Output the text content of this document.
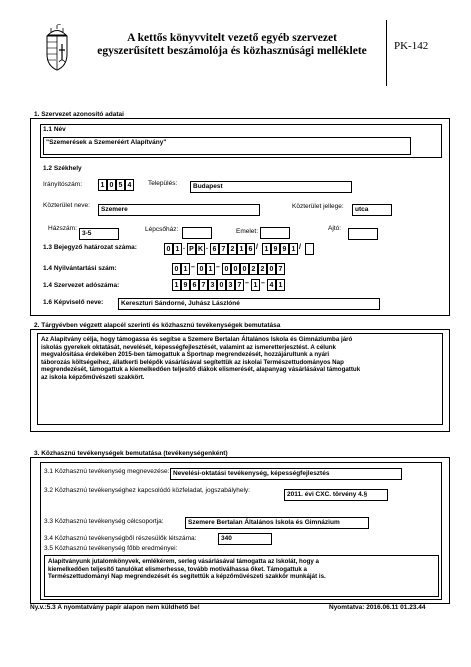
A kettős könyvvitelt vezető egyéb szervezet
egyszerűsített beszámolója és közhasznúsági melléklete	PK-142
1. Szervezet azonosító adatai
1.1 Név
"Szemerések a Szemeréért Alapítvány"
1.2 Székhely
Irányítószám:	1 0 5 4	Település:	Budapest
Közterület neve:
Szemere	Közterület jellege:	utca
Házszám:
3-5
Lépcsőház:	Emelet:	Ajtó:
1.3 Bejegyző határozat száma:	0 1 . P K . 6 7 2 1 6 / 1 9 9 1 /
1.4 Nyilvántartási szám:	0 1 – 0 1 – 0 0 0 2 2 0 7
1.4 Szervezet adószáma:	1 9 6 7 3 0 3 7 – 1 – 4 1
1.6 Képviselő neve:	Kereszturi Sándorné, Juhász Lászlóné
2. Tárgyévben végzett alapcél szerinti és közhasznú tevékenységek bemutatása
Az Alapítvány célja, hogy támogassa és segítse a Szemere Bertalan Általános Iskola és Gimnáziumba járó
iskolás gyerekek oktatását, nevelését, képességfejlesztését, valamint az ismeretterjesztést. A célunk
megvalósítása érdekében 2015-ben támogattuk a Sportnap megrendezését, hozzájárultunk a nyári
táborozás költségeihez, állatkerti belépők vásárlásával segítettük az iskolai Természettudományos Nap
megrendezését, támogattuk a kiemelkedően teljesítő diákok elismerését, alapanyag vásárlásával támogattuk
az iskola képzőművészeti szakkört.
3. Közhasznú tevékenységek bemutatása (tevékenységenként)
3.1 Közhasznú tevékenység megnevezése: Nevelési-oktatási tevékenység, képességfejlesztés
3.2 Közhasznú tevékenységhez kapcsolódó közfeladat, jogszabályhely:
2011. évi CXC. törvény 4.§
3.3 Közhasznú tevékenység célcsoportja:	Szemere Bertalan Általános Iskola és Gimnázium
3.4 Közhasznú tevékenységből részesülők létszáma:	340
3.5 Közhasznú tevékenység főbb eredményei:
Alapítványunk jutalomkönyvek, emlékérem, serleg vásárlásával támogatta az Iskolát, hogy a
kiemelkedően teljesítő tanulókat elismerhesse, tovább motiválhassa őket. Támogattuk a
Természettudományi Nap megrendezését és segítettük a képzőművészeti szakkör munkáját is.
Ny.v.:5.3 A nyomtatvány papír alapon nem küldhető be!	Nyomtatva: 2016.06.11 01.23.44
